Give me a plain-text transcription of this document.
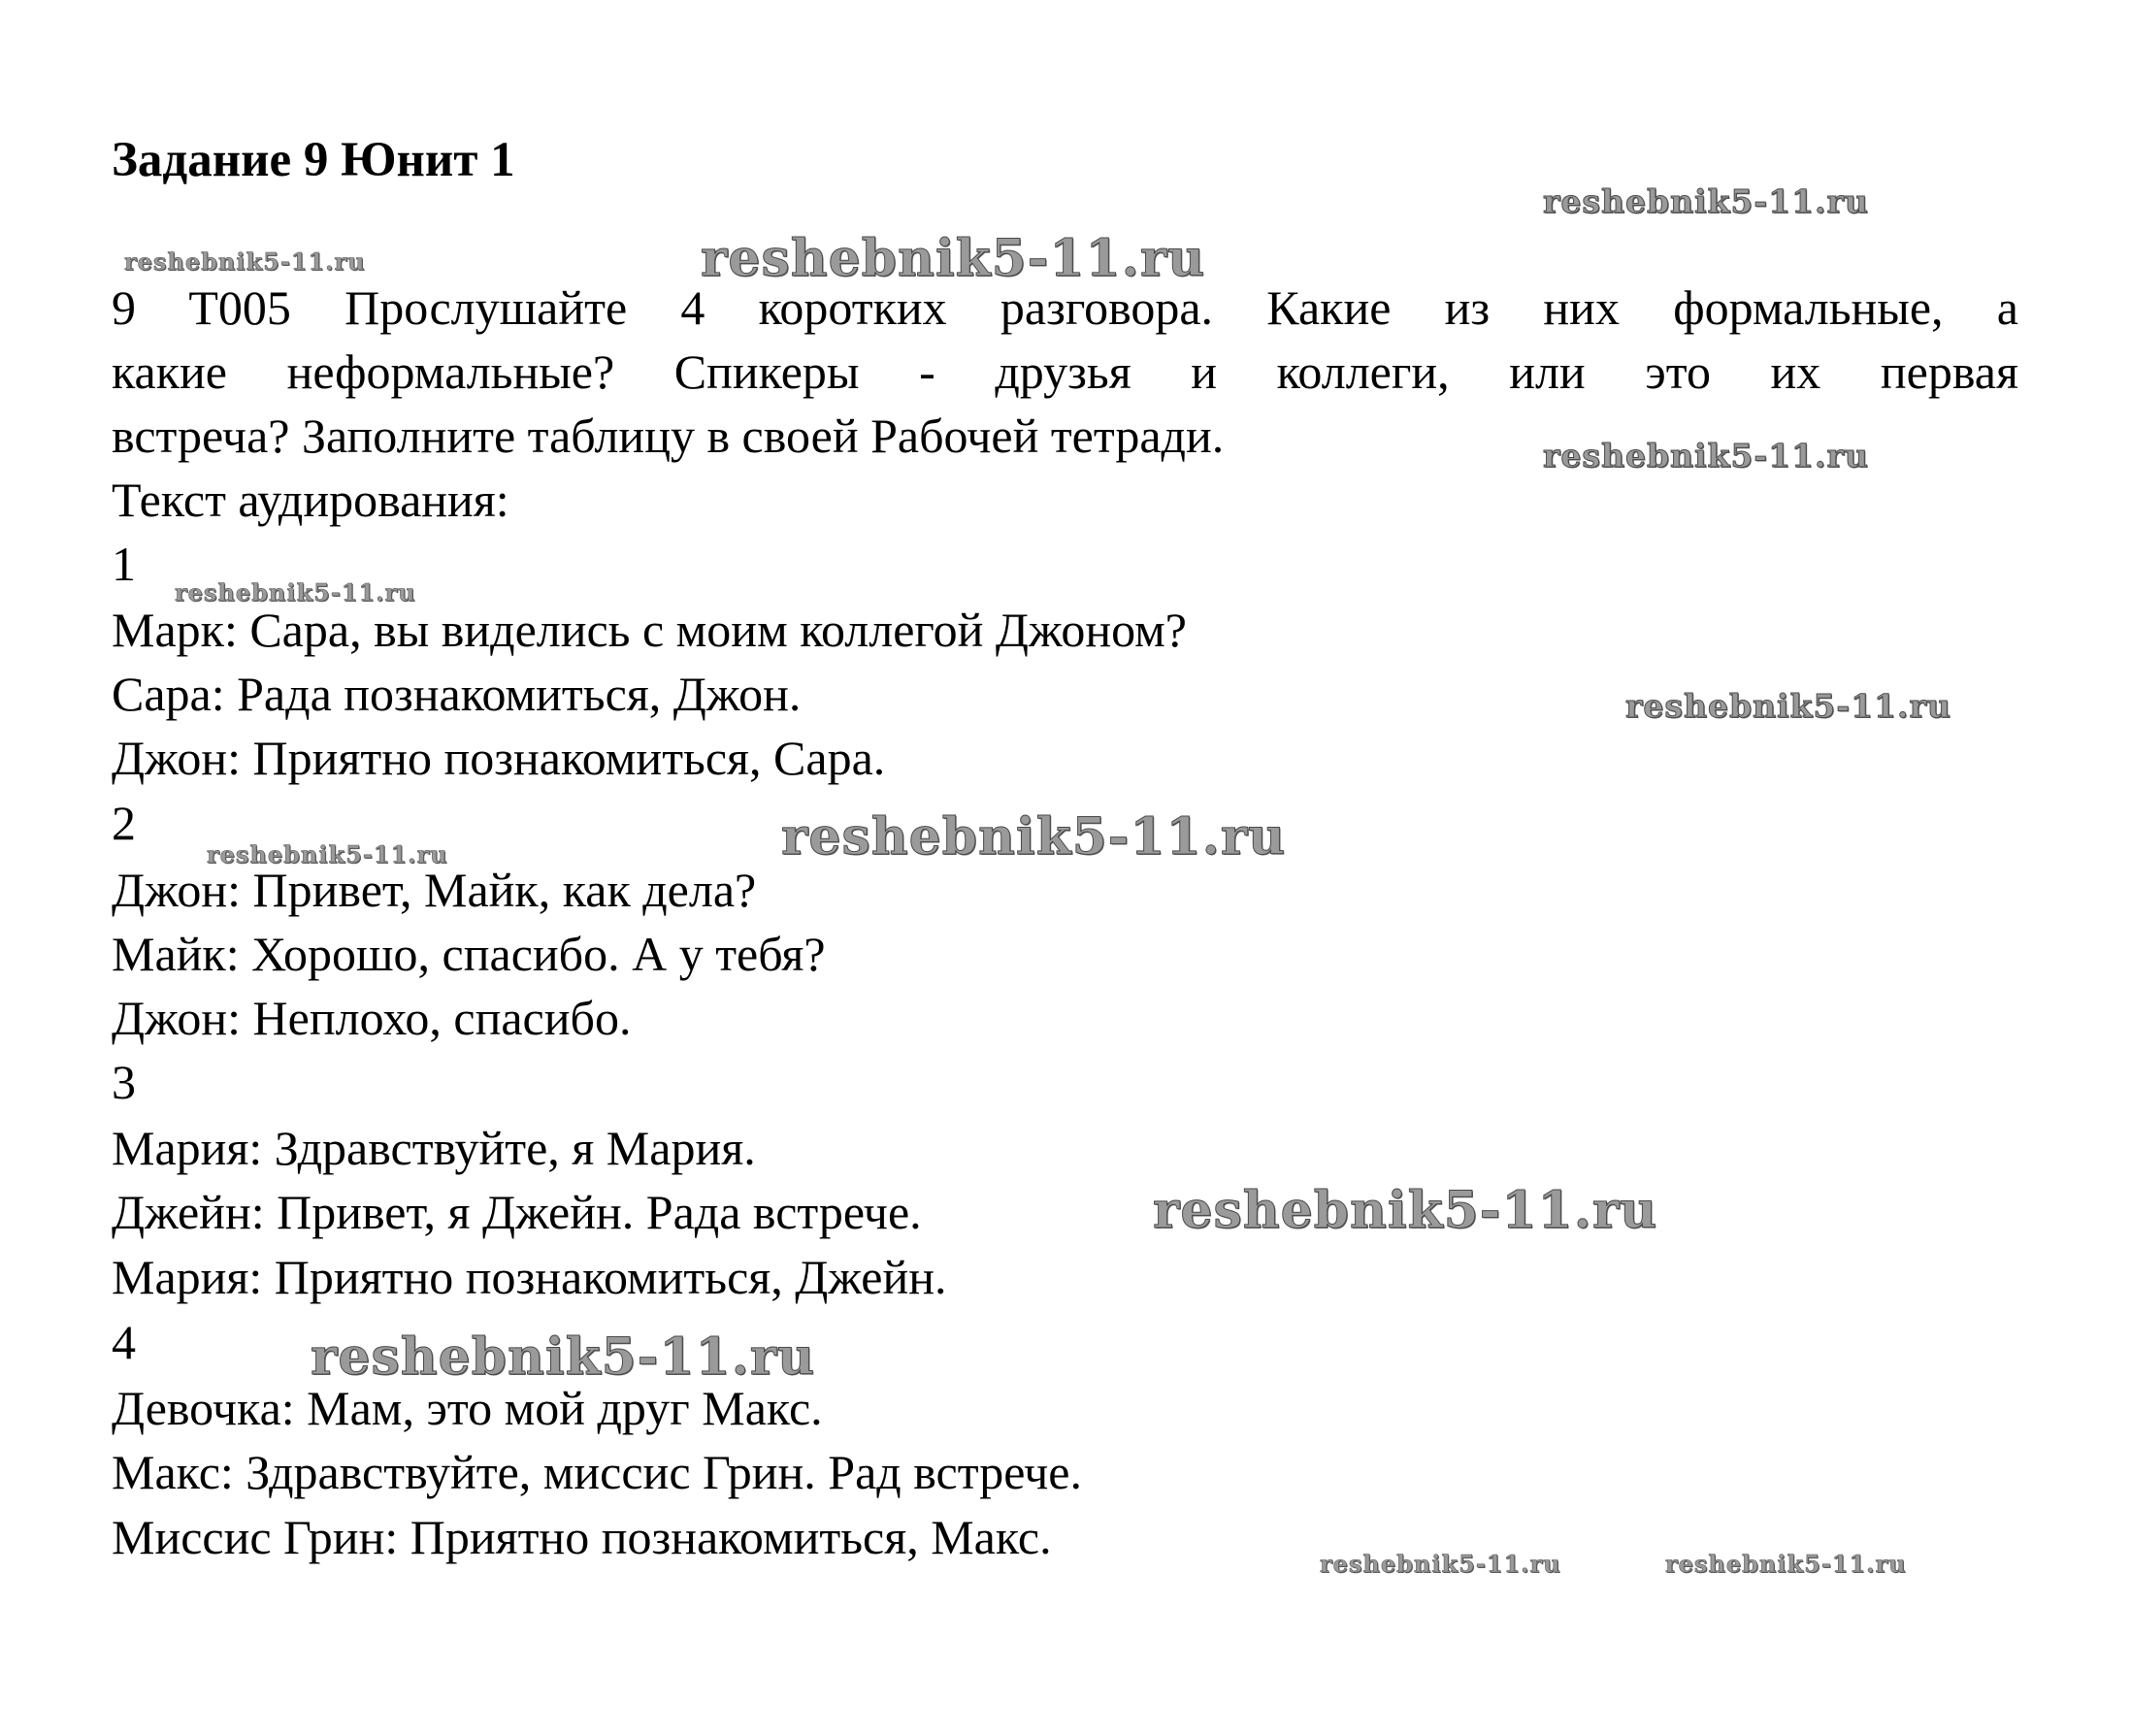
Задание 9 Юнит 1

9 T005 Прослушайте 4 коротких разговора. Какие из них формальные, а

какие неформальные? Спикеры - друзья и коллеги, или это их первая

встреча? Заполните таблицу в своей Рабочей тетради.

Текст аудирования:

1

Марк: Сара, вы виделись с моим коллегой Джоном?

Сара: Рада познакомиться, Джон.

Джон: Приятно познакомиться, Сара.

2

Джон: Привет, Майк, как дела?

Майк: Хорошо, спасибо. А у тебя?

Джон: Неплохо, спасибо.

3

Мария: Здравствуйте, я Мария.

Джейн: Привет, я Джейн. Рада встрече.

Мария: Приятно познакомиться, Джейн.

4

Девочка: Мам, это мой друг Макс.

Макс: Здравствуйте, миссис Грин. Рад встрече.

Миссис Грин: Приятно познакомиться, Макс.

reshebnik5-11.ru
reshebnik5-11.ru	reshebnik5-11.ru
reshebnik5-11.ru
reshebnik5-11.ru
reshebnik5-11.ru
reshebnik5-11.ru	reshebnik5-11.ru
reshebnik5-11.ru
reshebnik5-11.ru
reshebnik5-11.ru	reshebnik5-11.ru
